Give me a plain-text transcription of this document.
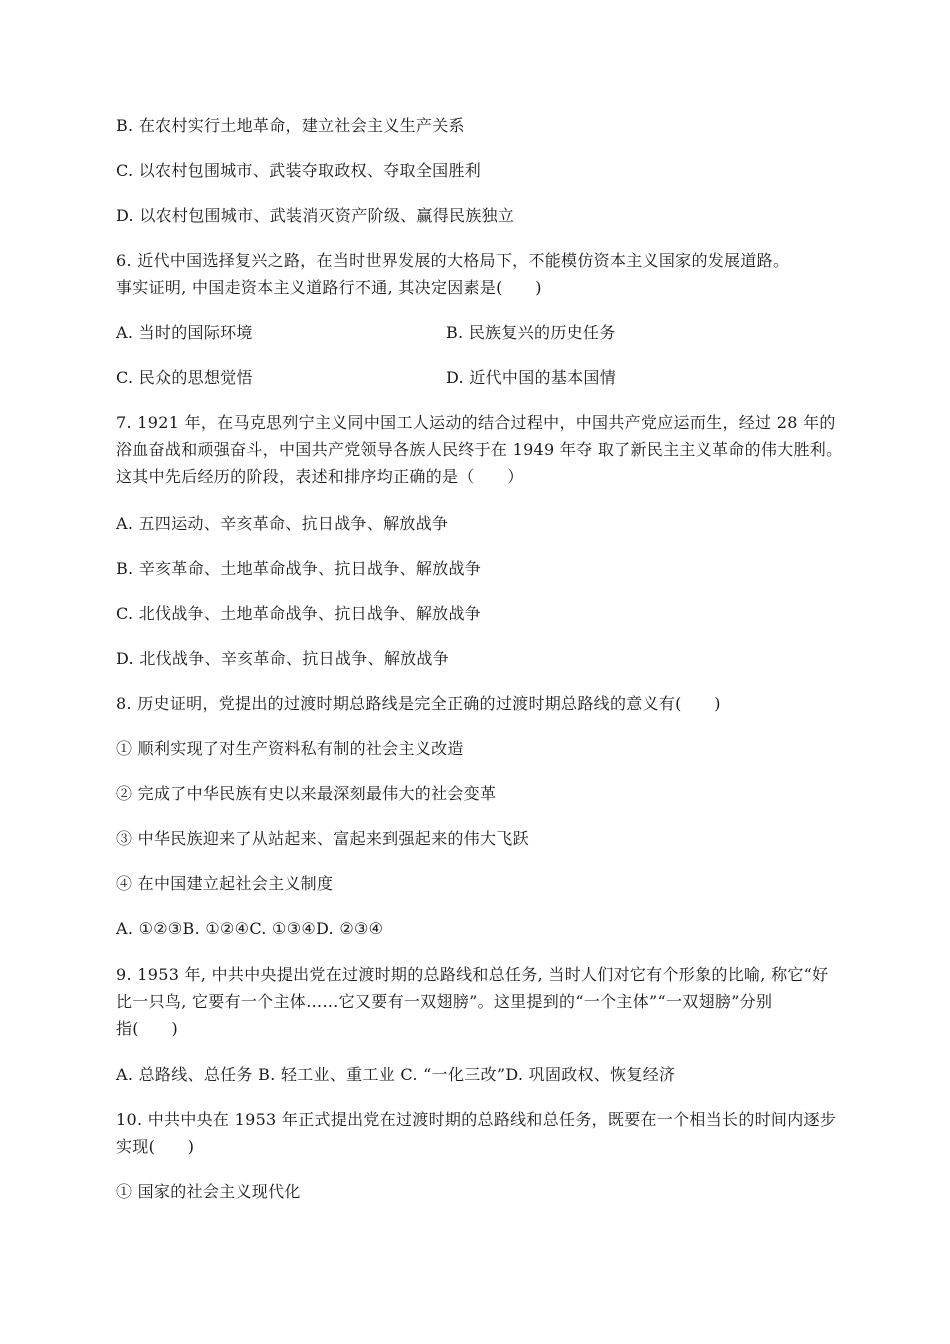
B. 在农村实行土地革命，建立社会主义生产关系
C. 以农村包围城市、武装夺取政权、夺取全国胜利
D. 以农村包围城市、武装消灭资产阶级、赢得民族独立
6. 近代中国选择复兴之路，在当时世界发展的大格局下，不能模仿资本主义国家的发展道路。
事实证明, 中国走资本主义道路行不通, 其决定因素是(　　)
A. 当时的国际环境	B. 民族复兴的历史任务
C. 民众的思想觉悟	D. 近代中国的基本国情
7. 1921 年，在马克思列宁主义同中国工人运动的结合过程中，中国共产党应运而生，经过 28 年的
浴血奋战和顽强奋斗，中国共产党领导各族人民终于在 1949 年夺 取了新民主主义革命的伟大胜利。
这其中先后经历的阶段，表述和排序均正确的是（　　）
A. 五四运动、辛亥革命、抗日战争、解放战争
B. 辛亥革命、土地革命战争、抗日战争、解放战争
C. 北伐战争、土地革命战争、抗日战争、解放战争
D. 北伐战争、辛亥革命、抗日战争、解放战争
8. 历史证明，党提出的过渡时期总路线是完全正确的过渡时期总路线的意义有(　　)
① 顺利实现了对生产资料私有制的社会主义改造
② 完成了中华民族有史以来最深刻最伟大的社会变革
③ 中华民族迎来了从站起来、富起来到强起来的伟大飞跃
④ 在中国建立起社会主义制度
A. ①②③B. ①②④C. ①③④D. ②③④
9. 1953 年, 中共中央提出党在过渡时期的总路线和总任务, 当时人们对它有个形象的比喻, 称它“好
比一只鸟, 它要有一个主体……它又要有一双翅膀”。这里提到的“一个主体”“一双翅膀”分别
指(　　)
A. 总路线、总任务 B. 轻工业、重工业 C. “一化三改”D. 巩固政权、恢复经济
10. 中共中央在 1953 年正式提出党在过渡时期的总路线和总任务，既要在一个相当长的时间内逐步
实现(　　)
① 国家的社会主义现代化
